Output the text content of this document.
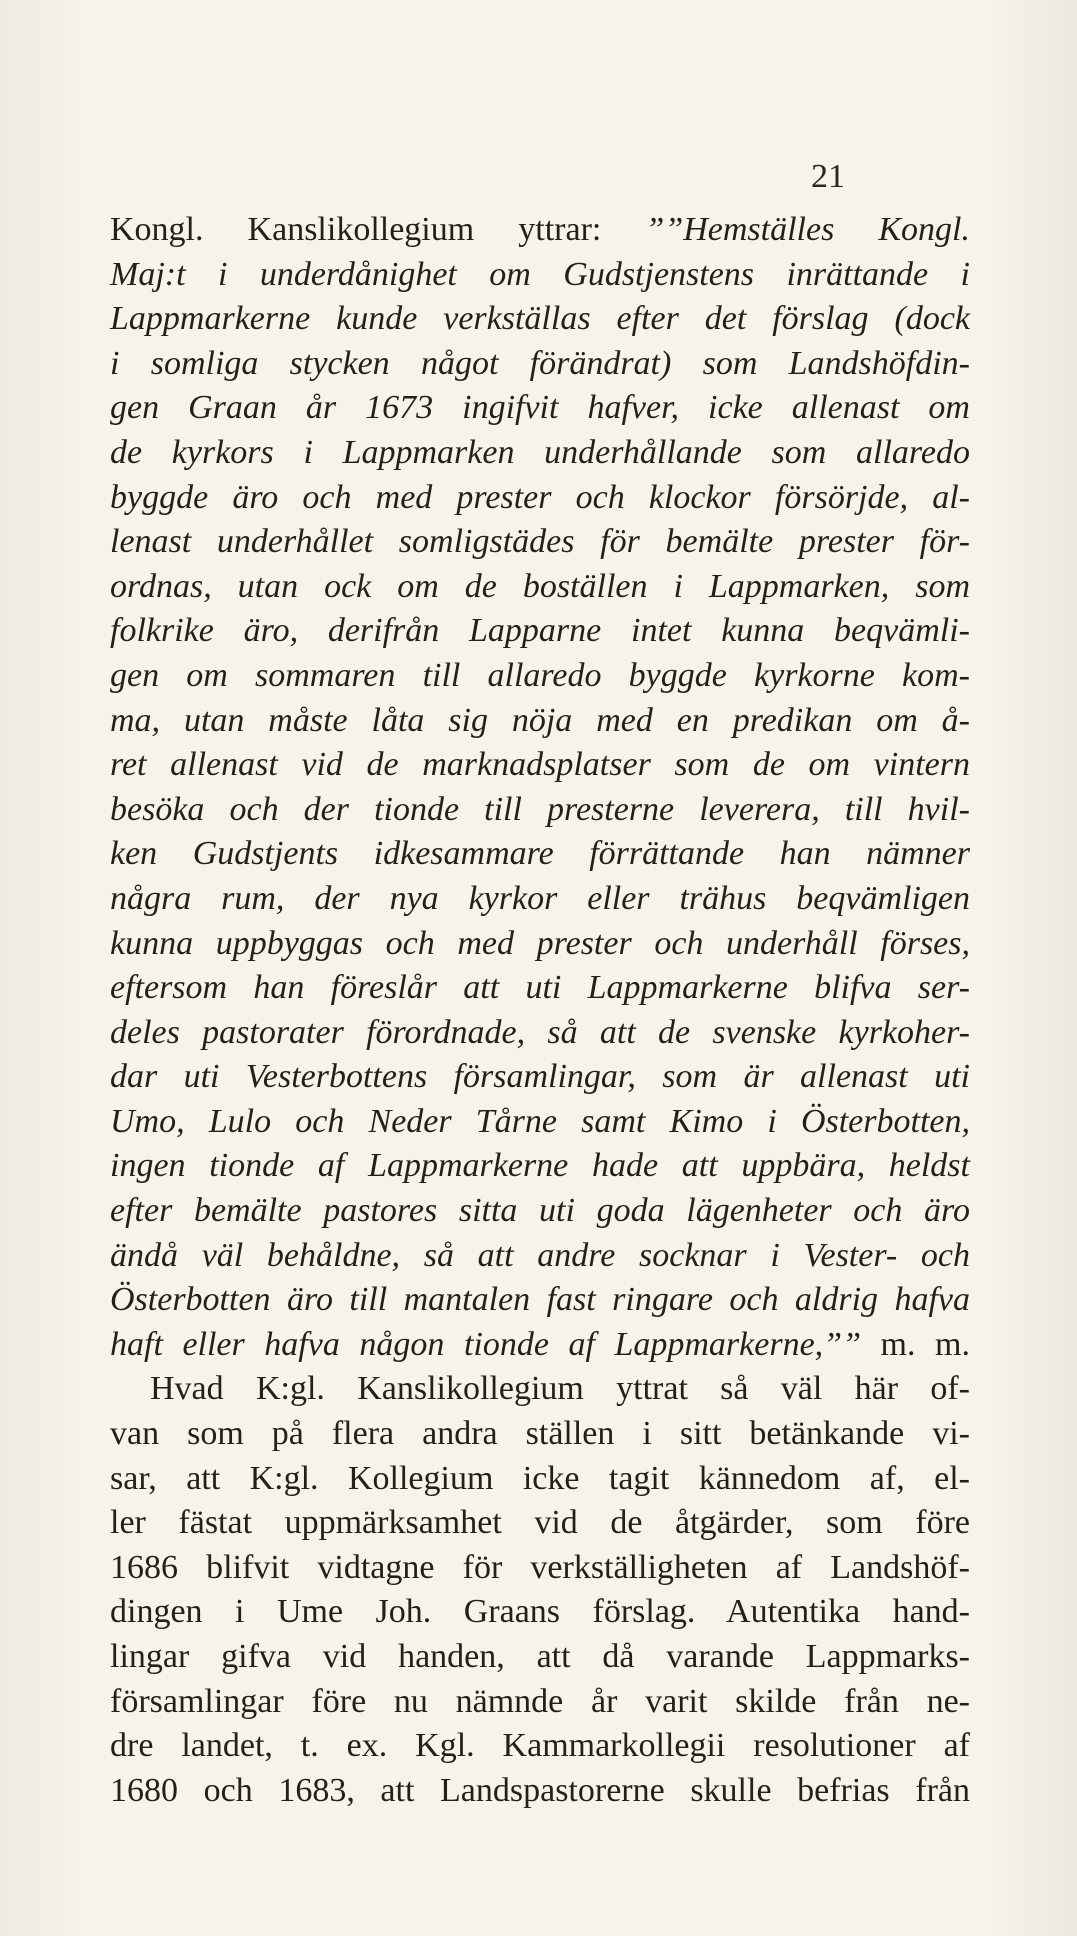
21
Kongl. Kanslikollegium yttrar: ””Hemställes Kongl.
Maj:t i underdånighet om Gudstjenstens inrättande i
Lappmarkerne kunde verkställas efter det förslag (dock
i somliga stycken något förändrat) som Landshöfdin-
gen Graan år 1673 ingifvit hafver, icke allenast om
de kyrkors i Lappmarken underhållande som allaredo
byggde äro och med prester och klockor försörjde, al-
lenast underhållet somligstädes för bemälte prester för-
ordnas, utan ock om de boställen i Lappmarken, som
folkrike äro, derifrån Lapparne intet kunna beqvämli-
gen om sommaren till allaredo byggde kyrkorne kom-
ma, utan måste låta sig nöja med en predikan om å-
ret allenast vid de marknadsplatser som de om vintern
besöka och der tionde till presterne leverera, till hvil-
ken Gudstjents idkesammare förrättande han nämner
några rum, der nya kyrkor eller trähus beqvämligen
kunna uppbyggas och med prester och underhåll förses,
eftersom han föreslår att uti Lappmarkerne blifva ser-
deles pastorater förordnade, så att de svenske kyrkoher-
dar uti Vesterbottens församlingar, som är allenast uti
Umo, Lulo och Neder Tårne samt Kimo i Österbotten,
ingen tionde af Lappmarkerne hade att uppbära, heldst
efter bemälte pastores sitta uti goda lägenheter och äro
ändå väl behåldne, så att andre socknar i Vester- och
Österbotten äro till mantalen fast ringare och aldrig hafva
haft eller hafva någon tionde af Lappmarkerne,”” m. m.
Hvad K:gl. Kanslikollegium yttrat så väl här of-
van som på flera andra ställen i sitt betänkande vi-
sar, att K:gl. Kollegium icke tagit kännedom af, el-
ler fästat uppmärksamhet vid de åtgärder, som före
1686 blifvit vidtagne för verkställigheten af Landshöf-
dingen i Ume Joh. Graans förslag. Autentika hand-
lingar gifva vid handen, att då varande Lappmarks-
församlingar före nu nämnde år varit skilde från ne-
dre landet, t. ex. Kgl. Kammarkollegii resolutioner af
1680 och 1683, att Landspastorerne skulle befrias från
